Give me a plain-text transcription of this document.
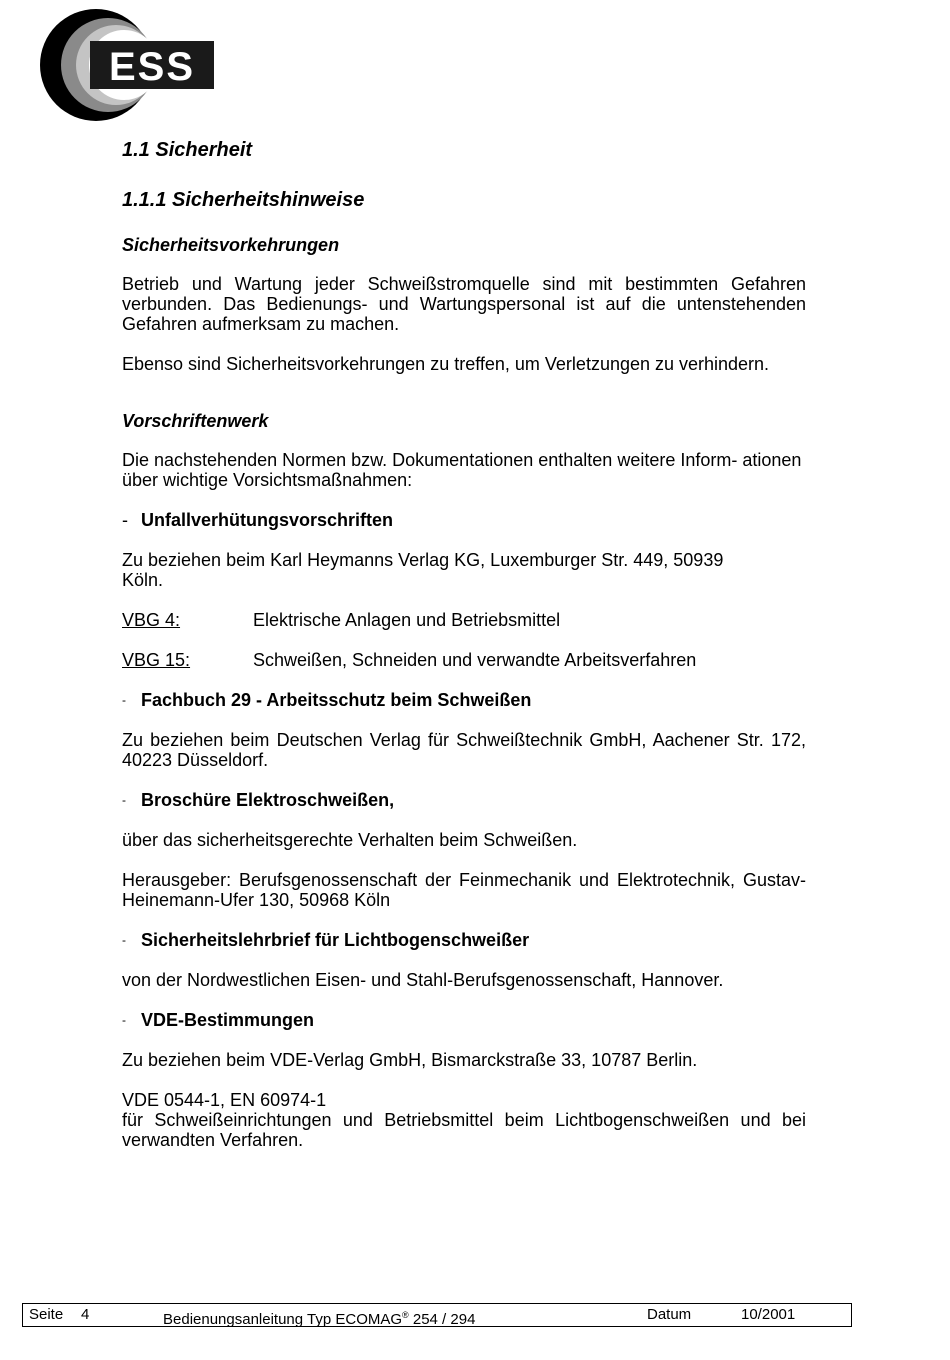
ESS
1.1 Sicherheit
1.1.1 Sicherheitshinweise
Sicherheitsvorkehrungen

Betrieb und Wartung jeder Schweißstromquelle sind mit bestimmten Gefahren verbunden. Das Bedienungs- und Wartungspersonal ist auf die untenstehenden Gefahren aufmerksam zu machen.

Ebenso sind Sicherheitsvorkehrungen zu treffen, um Verletzungen zu verhindern.

Vorschriftenwerk

Die nachstehenden Normen bzw. Dokumentationen enthalten weitere Inform- ationen über wichtige Vorsichtsmaßnahmen:

- Unfallverhütungsvorschriften

Zu beziehen beim Karl Heymanns Verlag KG, Luxemburger Str. 449, 50939 Köln.

VBG 4:	Elektrische Anlagen und Betriebsmittel
VBG 15:	Schweißen, Schneiden und verwandte Arbeitsverfahren
- Fachbuch 29 - Arbeitsschutz beim Schweißen

Zu beziehen beim Deutschen Verlag für Schweißtechnik GmbH, Aachener Str. 172, 40223 Düsseldorf.

- Broschüre Elektroschweißen,

über das sicherheitsgerechte Verhalten beim Schweißen.

Herausgeber: Berufsgenossenschaft der Feinmechanik und Elektrotechnik, Gustav-Heinemann-Ufer 130, 50968 Köln

- Sicherheitslehrbrief für Lichtbogenschweißer

von der Nordwestlichen Eisen- und Stahl-Berufsgenossenschaft, Hannover.

- VDE-Bestimmungen

Zu beziehen beim VDE-Verlag GmbH, Bismarckstraße 33, 10787 Berlin.

VDE 0544-1, EN 60974-1
für Schweißeinrichtungen und Betriebsmittel beim Lichtbogenschweißen und bei verwandten Verfahren.

Seite 4	Bedienungsanleitung Typ ECOMAG® 254 / 294	Datum	10/2001
